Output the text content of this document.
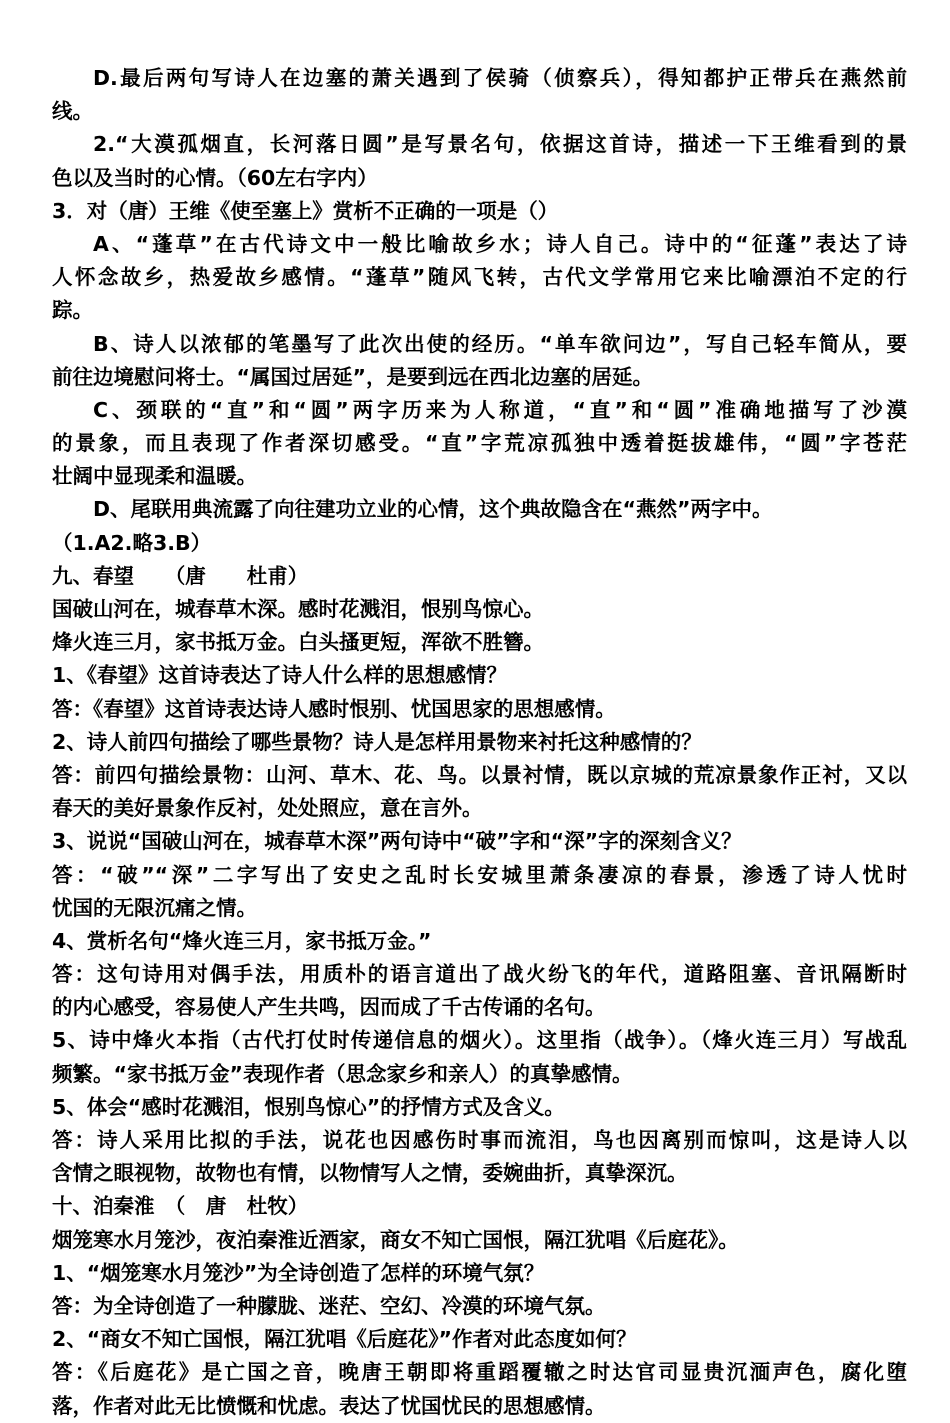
D.最后两句写诗人在边塞的萧关遇到了侯骑（侦察兵），得知都护正带兵在燕然前
线。
2.“大漠孤烟直，长河落日圆”是写景名句，依据这首诗，描述一下王维看到的景
色以及当时的心情。（60左右字内）
3．对（唐）王维《使至塞上》赏析不正确的一项是（）
A、“蓬草”在古代诗文中一般比喻故乡水；诗人自己。诗中的“征蓬”表达了诗
人怀念故乡，热爱故乡感情。“蓬草”随风飞转，古代文学常用它来比喻漂泊不定的行
踪。
B、诗人以浓郁的笔墨写了此次出使的经历。“单车欲问边”，写自己轻车简从，要
前往边境慰问将士。“属国过居延”，是要到远在西北边塞的居延。
C、颈联的“直”和“圆”两字历来为人称道，“直”和“圆”准确地描写了沙漠
的景象，而且表现了作者深切感受。“直”字荒凉孤独中透着挺拔雄伟，“圆”字苍茫
壮阔中显现柔和温暖。
D、尾联用典流露了向往建功立业的心情，这个典故隐含在“燕然”两字中。
（1.A2.略3.B）
九、春望　　（唐　　杜甫）
国破山河在，城春草木深。感时花溅泪，恨别鸟惊心。
烽火连三月，家书抵万金。白头搔更短，浑欲不胜簪。
1、《春望》这首诗表达了诗人什么样的思想感情？
答：《春望》这首诗表达诗人感时恨别、忧国思家的思想感情。
2、诗人前四句描绘了哪些景物？诗人是怎样用景物来衬托这种感情的？
答：前四句描绘景物：山河、草木、花、鸟。以景衬情，既以京城的荒凉景象作正衬，又以
春天的美好景象作反衬，处处照应，意在言外。
3、说说“国破山河在，城春草木深”两句诗中“破”字和“深”字的深刻含义？
答：“破”“深”二字写出了安史之乱时长安城里萧条凄凉的春景，渗透了诗人忧时
忧国的无限沉痛之情。
4、赏析名句“烽火连三月，家书抵万金。”
答：这句诗用对偶手法，用质朴的语言道出了战火纷飞的年代，道路阻塞、音讯隔断时
的内心感受，容易使人产生共鸣，因而成了千古传诵的名句。
5、诗中烽火本指（古代打仗时传递信息的烟火）。这里指（战争）。（烽火连三月）写战乱
频繁。“家书抵万金”表现作者（思念家乡和亲人）的真挚感情。
5、体会“感时花溅泪，恨别鸟惊心”的抒情方式及含义。
答：诗人采用比拟的手法，说花也因感伤时事而流泪，鸟也因离别而惊叫，这是诗人以
含情之眼视物，故物也有情，以物情写人之情，委婉曲折，真挚深沉。
十、泊秦淮　（　唐　杜牧）
烟笼寒水月笼沙，夜泊秦淮近酒家，商女不知亡国恨，隔江犹唱《后庭花》。
1、“烟笼寒水月笼沙”为全诗创造了怎样的环境气氛？
答：为全诗创造了一种朦胧、迷茫、空幻、冷漠的环境气氛。
2、“商女不知亡国恨，隔江犹唱《后庭花》”作者对此态度如何？
答：《后庭花》是亡国之音，晚唐王朝即将重蹈覆辙之时达官司显贵沉湎声色，腐化堕
落，作者对此无比愤慨和忧虑。表达了忧国忧民的思想感情。
